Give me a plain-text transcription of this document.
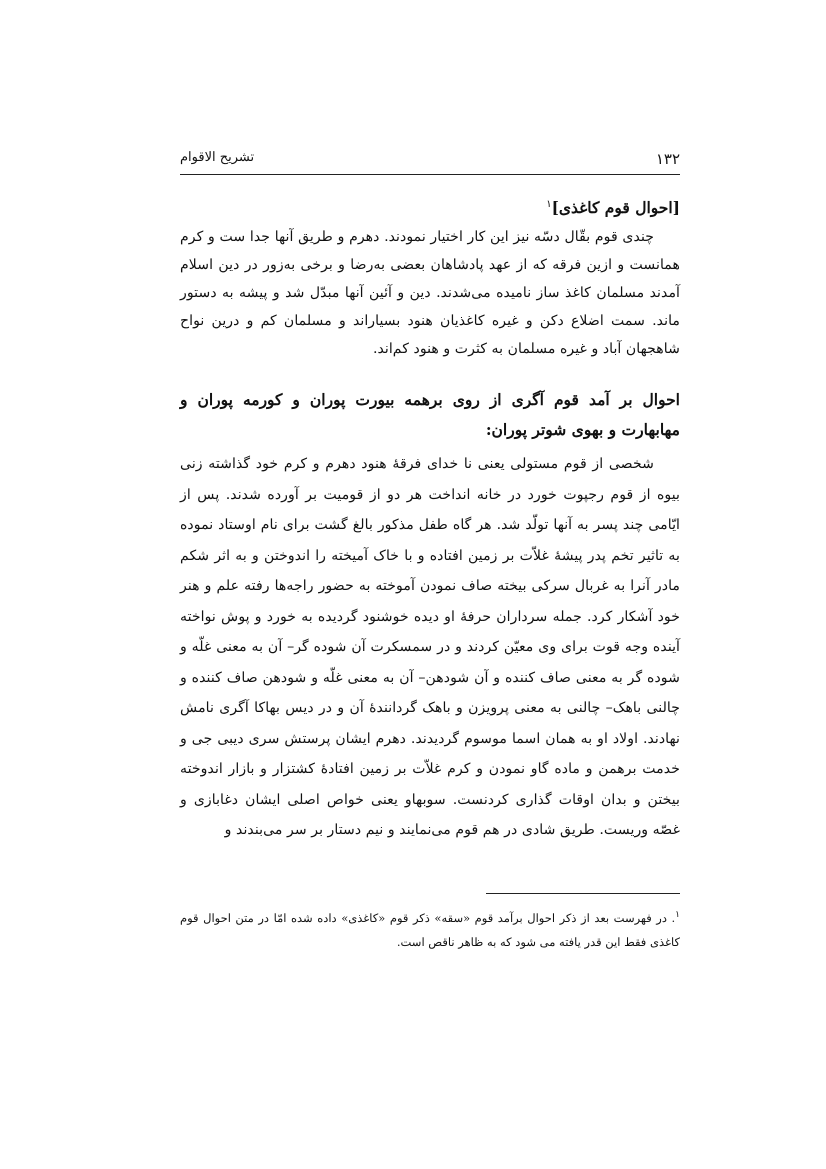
۱۳۲
تشریح الاقوام
[احوال قوم کاغذی]$^۱$

چندی قوم بقّال دسّه نیز این کار اختیار نمودند. دهرم و طریق آنها جدا ست و کرم همانست و ازین فرقه که از عهد پادشاهان بعضی به‌رضا و برخی به‌زور در دین اسلام آمدند مسلمان کاغذ ساز نامیده می‌شدند. دین و آئین آنها مبدّل شد و پیشه به دستور ماند. سمت اضلاع دکن و غیره کاغذیان هنود بسیاراند و مسلمان کم و درین نواح شاهجهان آباد و غیره مسلمان به کثرت و هنود کم‌اند.

احوال بر آمد قوم آگری از روی برهمه بیورت پوران و کورمه پوران و مهابهارت و بهوی شوتر پوران:

شخصی از قوم مستولی یعنی نا خدای فرقهٔ هنود دهرم و کرم خود گذاشته زنی بیوه از قوم رجپوت خورد در خانه انداخت هر دو از قومیت بر آورده شدند. پس از ایّامی چند پسر به آنها تولّد شد. هر گاه طفل مذکور بالغ گشت برای نام اوستاد نموده به تاثیر تخم پدر پیشهٔ غلاّت بر زمین افتاده و با خاک آمیخته را اندوختن و به اثر شکم مادر آنرا به غربال سرکی بیخته صاف نمودن آموخته به حضور راجه‌ها رفته علم و هنر خود آشکار کرد. جمله سرداران حرفهٔ او دیده خوشنود گردیده به خورد و پوش نواخته آینده وجه قوت برای وی معیّن کردند و در سمسکرت آن شوده گر– آن به معنی غلّه و شوده گر به معنی صاف کننده و آن شودهن– آن به معنی غلّه و شودهن صاف کننده و چالنی باهک– چالنی به معنی پرویزن و باهک گردانندهٔ آن و در دیس بهاکا آگری نامش نهادند. اولاد او به همان اسما موسوم گردیدند. دهرم ایشان پرستش سری دیبی جی و خدمت برهمن و ماده گاو نمودن و کرم غلاّت بر زمین افتادهٔ کشتزار و بازار اندوخته بیختن و بدان اوقات گذاری کردنست. سوبهاو یعنی خواص اصلی ایشان دغابازی و غصّه وریست. طریق شادی در هم قوم می‌نمایند و نیم دستار بر سر می‌بندند و

$^۱$. در فهرست بعد از ذکر احوال برآمد قوم «سقه» ذکر قوم «کاغذی» داده شده امّا در متن احوال قوم کاغذی فقط این قدر یافته می شود که به ظاهر ناقص است.
